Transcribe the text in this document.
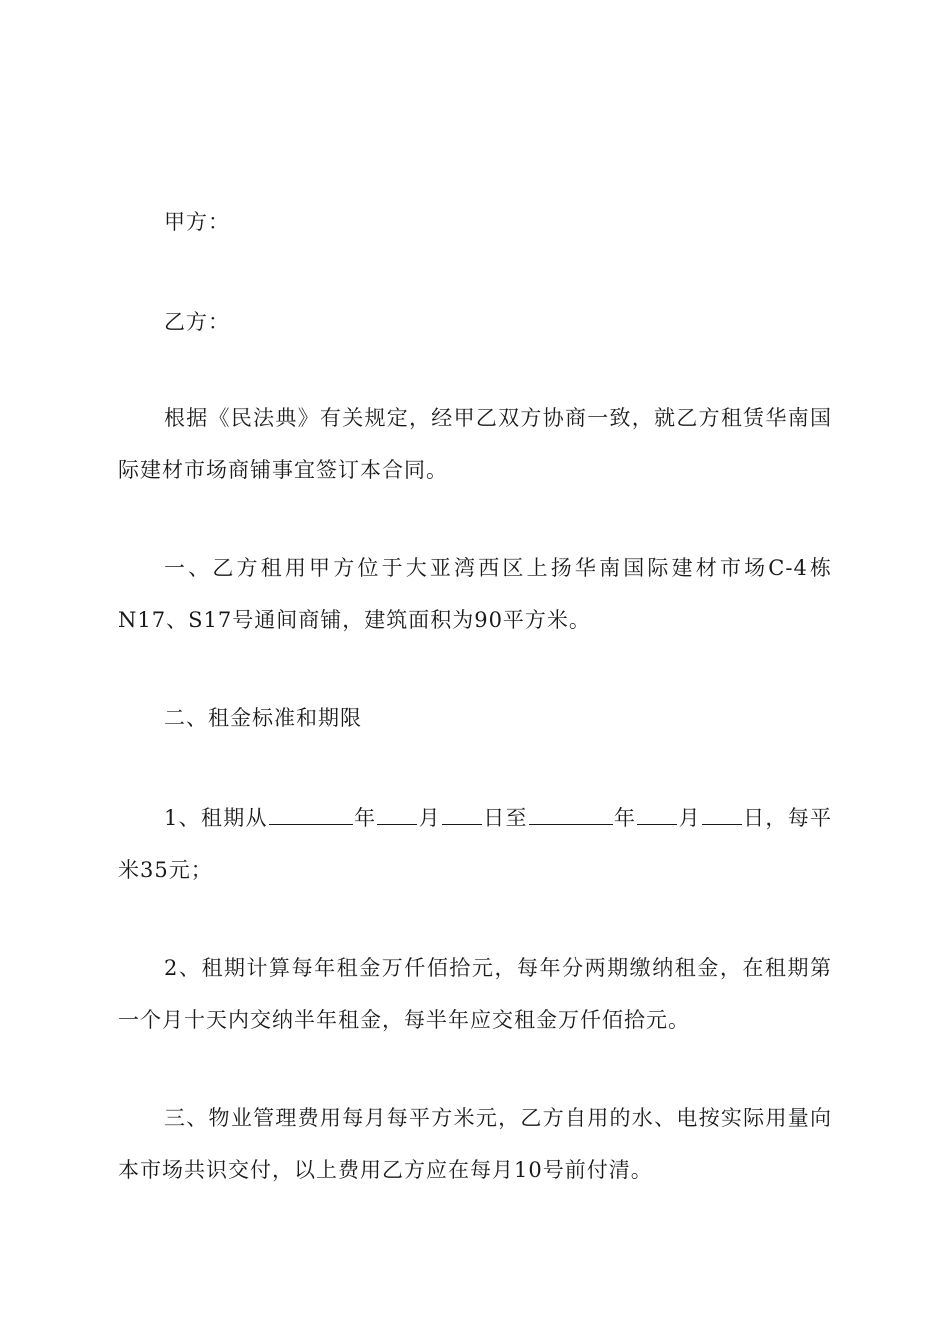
甲方：

乙方：

根据《民法典》有关规定，经甲乙双方协商一致，就乙方租赁华南国际建材市场商铺事宜签订本合同。

一、乙方租用甲方位于大亚湾西区上扬华南国际建材市场C-4栋N17、S17号通间商铺，建筑面积为90平方米。

二、租金标准和期限

1、租期从	年 月 日至	年 月 日，每平米35元；

2、租期计算每年租金万仟佰拾元，每年分两期缴纳租金，在租期第一个月十天内交纳半年租金，每半年应交租金万仟佰拾元。

三、物业管理费用每月每平方米元，乙方自用的水、电按实际用量向本市场共识交付，以上费用乙方应在每月10号前付清。
